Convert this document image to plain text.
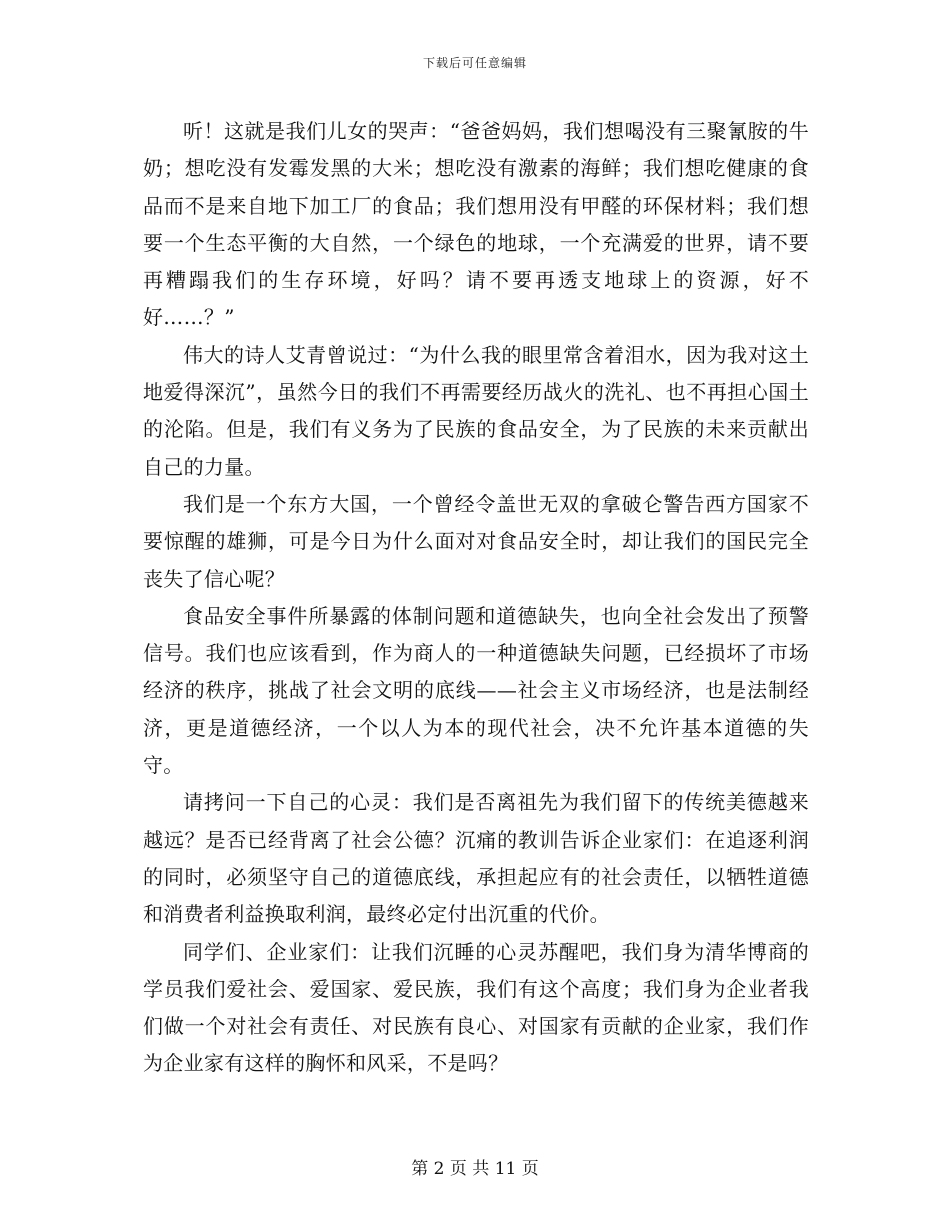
下载后可任意编辑

听！这就是我们儿女的哭声：“爸爸妈妈，我们想喝没有三聚氰胺的牛奶；想吃没有发霉发黑的大米；想吃没有激素的海鲜；我们想吃健康的食品而不是来自地下加工厂的食品；我们想用没有甲醛的环保材料；我们想要一个生态平衡的大自然，一个绿色的地球，一个充满爱的世界，请不要再糟蹋我们的生存环境，好吗？请不要再透支地球上的资源，好不好……？”

伟大的诗人艾青曾说过：“为什么我的眼里常含着泪水，因为我对这土地爱得深沉”，虽然今日的我们不再需要经历战火的洗礼、也不再担心国土的沦陷。但是，我们有义务为了民族的食品安全，为了民族的未来贡献出自己的力量。

我们是一个东方大国，一个曾经令盖世无双的拿破仑警告西方国家不要惊醒的雄狮，可是今日为什么面对对食品安全时，却让我们的国民完全丧失了信心呢？

食品安全事件所暴露的体制问题和道德缺失，也向全社会发出了预警信号。我们也应该看到，作为商人的一种道德缺失问题，已经损坏了市场经济的秩序，挑战了社会文明的底线——社会主义市场经济，也是法制经济，更是道德经济，一个以人为本的现代社会，决不允许基本道德的失守。

请拷问一下自己的心灵：我们是否离祖先为我们留下的传统美德越来越远？是否已经背离了社会公德？沉痛的教训告诉企业家们：在追逐利润的同时，必须坚守自己的道德底线，承担起应有的社会责任，以牺牲道德和消费者利益换取利润，最终必定付出沉重的代价。

同学们、企业家们：让我们沉睡的心灵苏醒吧，我们身为清华博商的学员我们爱社会、爱国家、爱民族，我们有这个高度；我们身为企业者我们做一个对社会有责任、对民族有良心、对国家有贡献的企业家，我们作为企业家有这样的胸怀和风采，不是吗？

第 2 页 共 11 页
